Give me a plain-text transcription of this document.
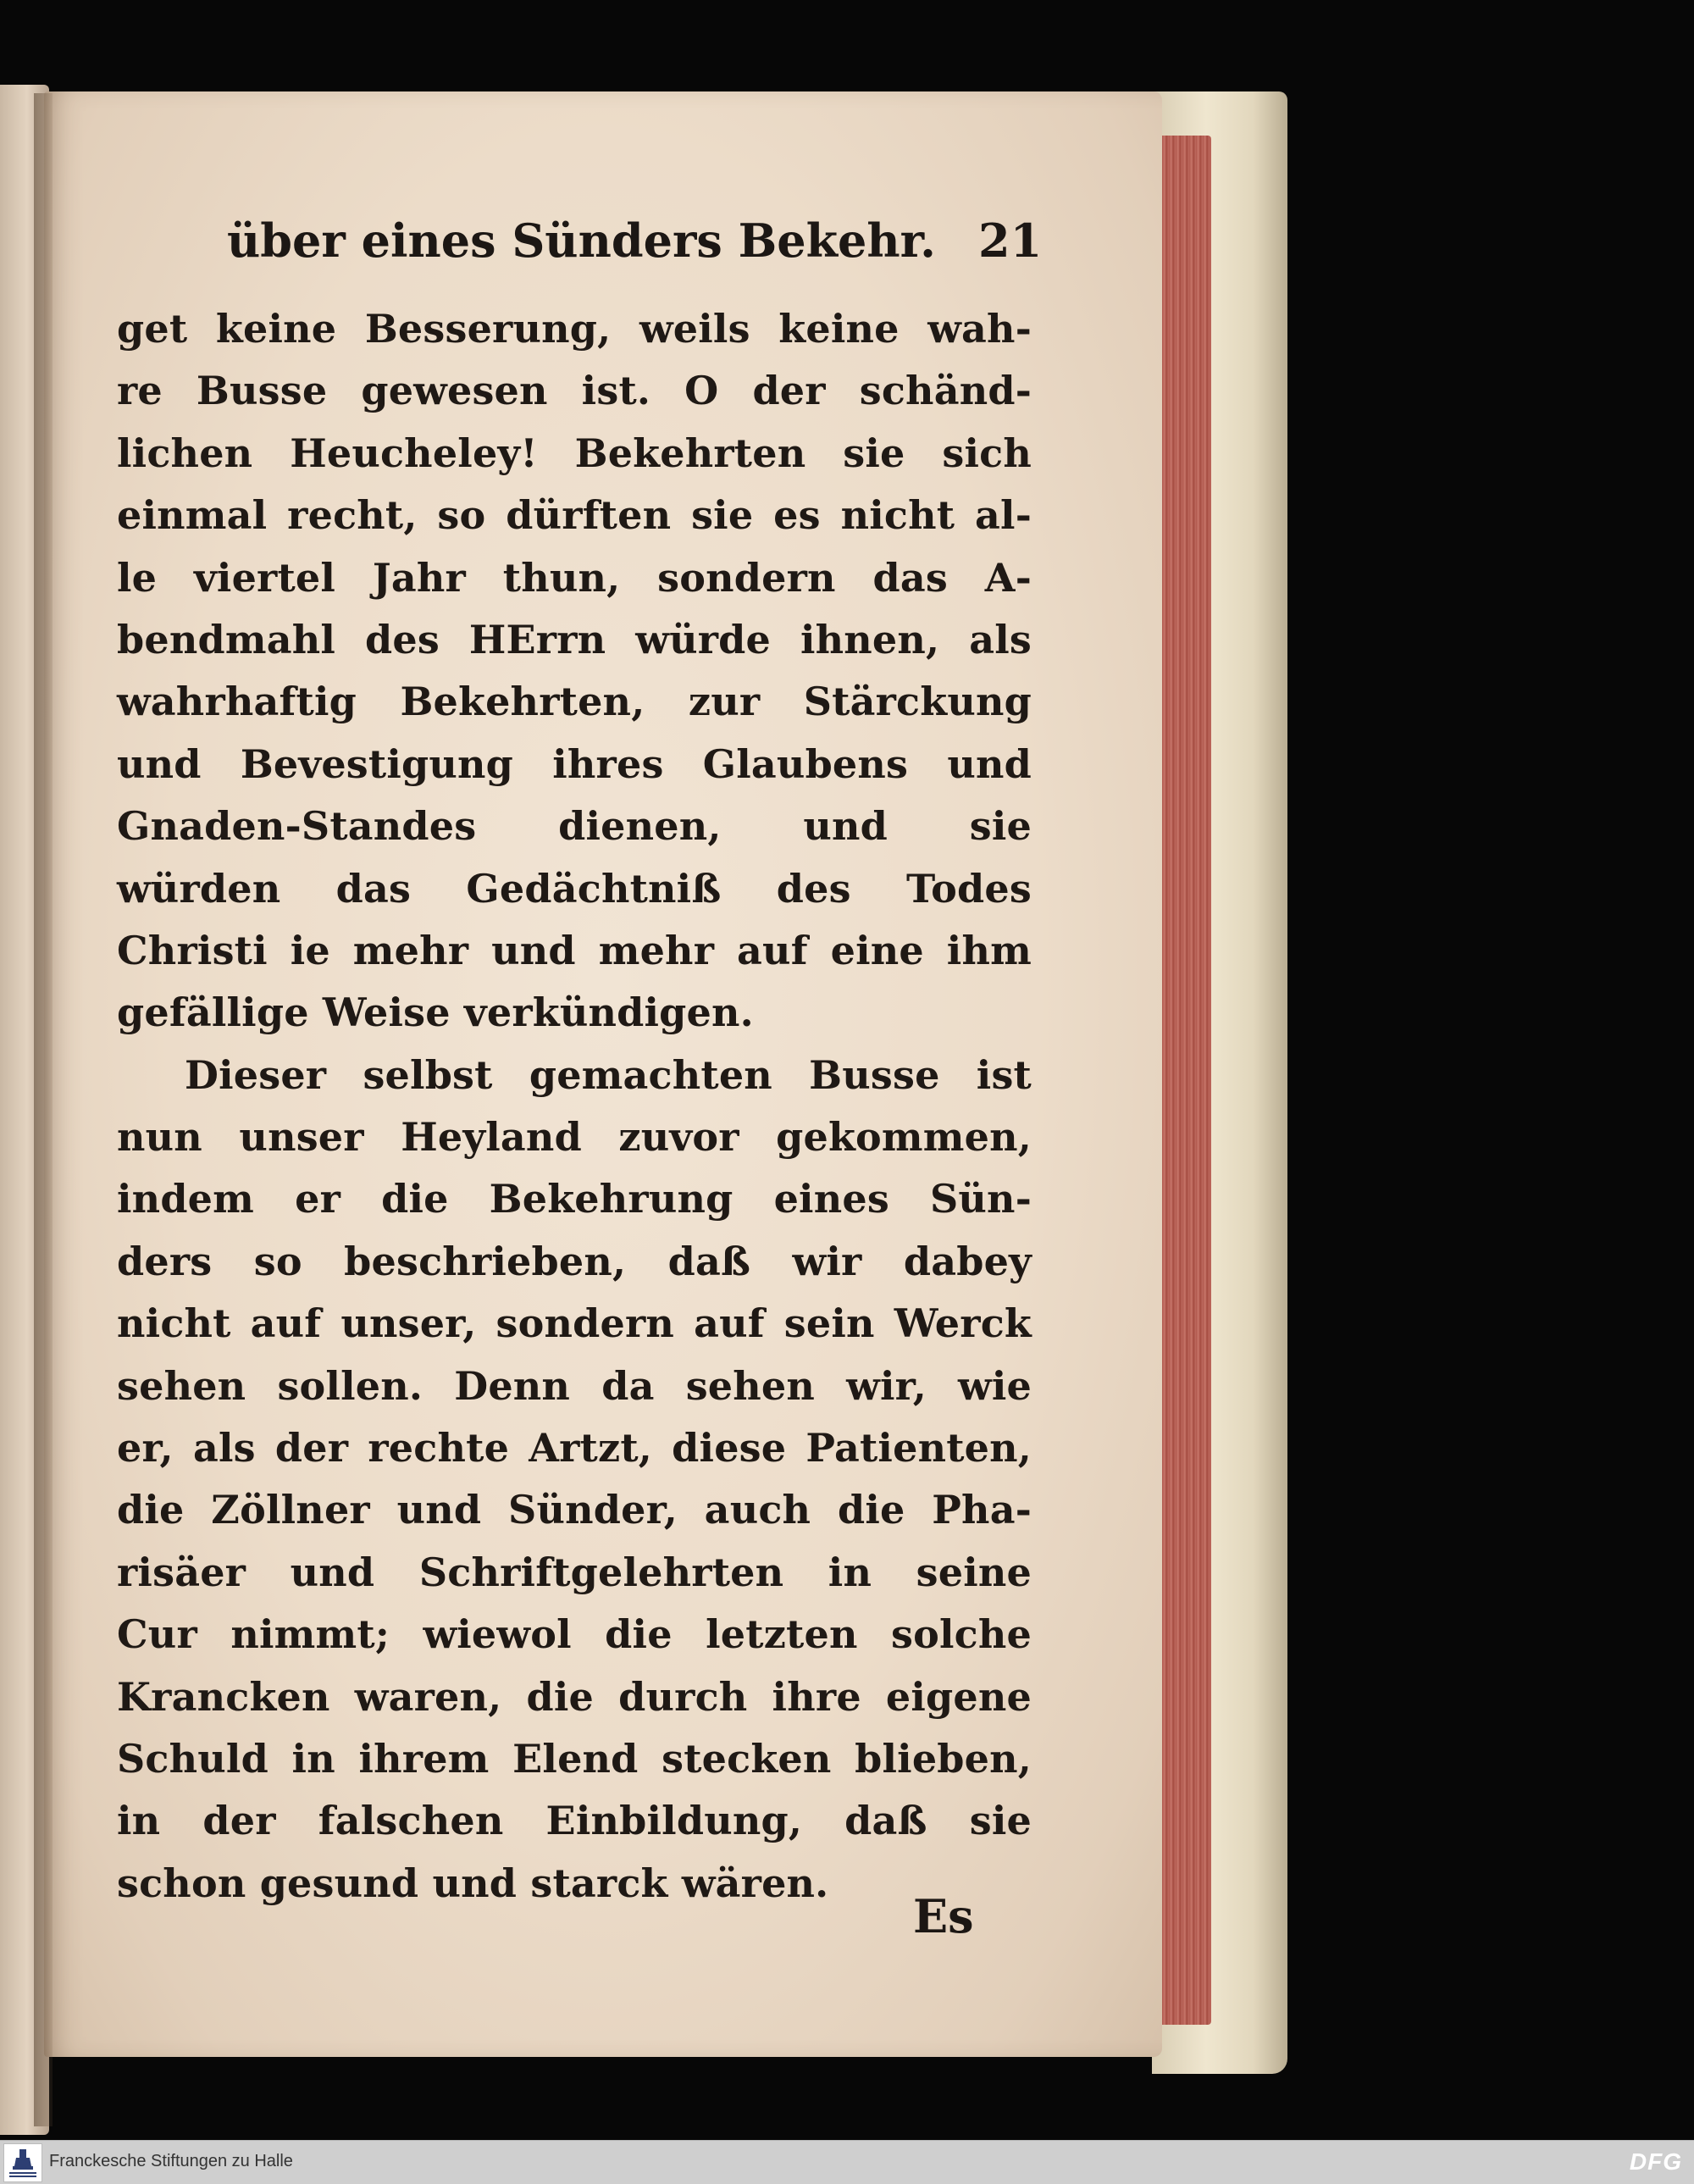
über eines Sünders Bekehr. 21
get keine Besserung, weils keine wah-
re Busse gewesen ist. O der schänd-
lichen Heucheley! Bekehrten sie sich
einmal recht, so dürften sie es nicht al-
le viertel Jahr thun, sondern das A-
bendmahl des HErrn würde ihnen, als
wahrhaftig Bekehrten, zur Stärckung
und Bevestigung ihres Glaubens und
Gnaden-Standes dienen, und sie
würden das Gedächtniß des Todes
Christi ie mehr und mehr auf eine ihm
gefällige Weise verkündigen.
Dieser selbst gemachten Busse ist
nun unser Heyland zuvor gekommen,
indem er die Bekehrung eines Sün-
ders so beschrieben, daß wir dabey
nicht auf unser, sondern auf sein Werck
sehen sollen. Denn da sehen wir, wie
er, als der rechte Artzt, diese Patienten,
die Zöllner und Sünder, auch die Pha-
risäer und Schriftgelehrten in seine
Cur nimmt; wiewol die letzten solche
Krancken waren, die durch ihre eigene
Schuld in ihrem Elend stecken blieben,
in der falschen Einbildung, daß sie
schon gesund und starck wären.
Es
Franckesche Stiftungen zu Halle	DFG
